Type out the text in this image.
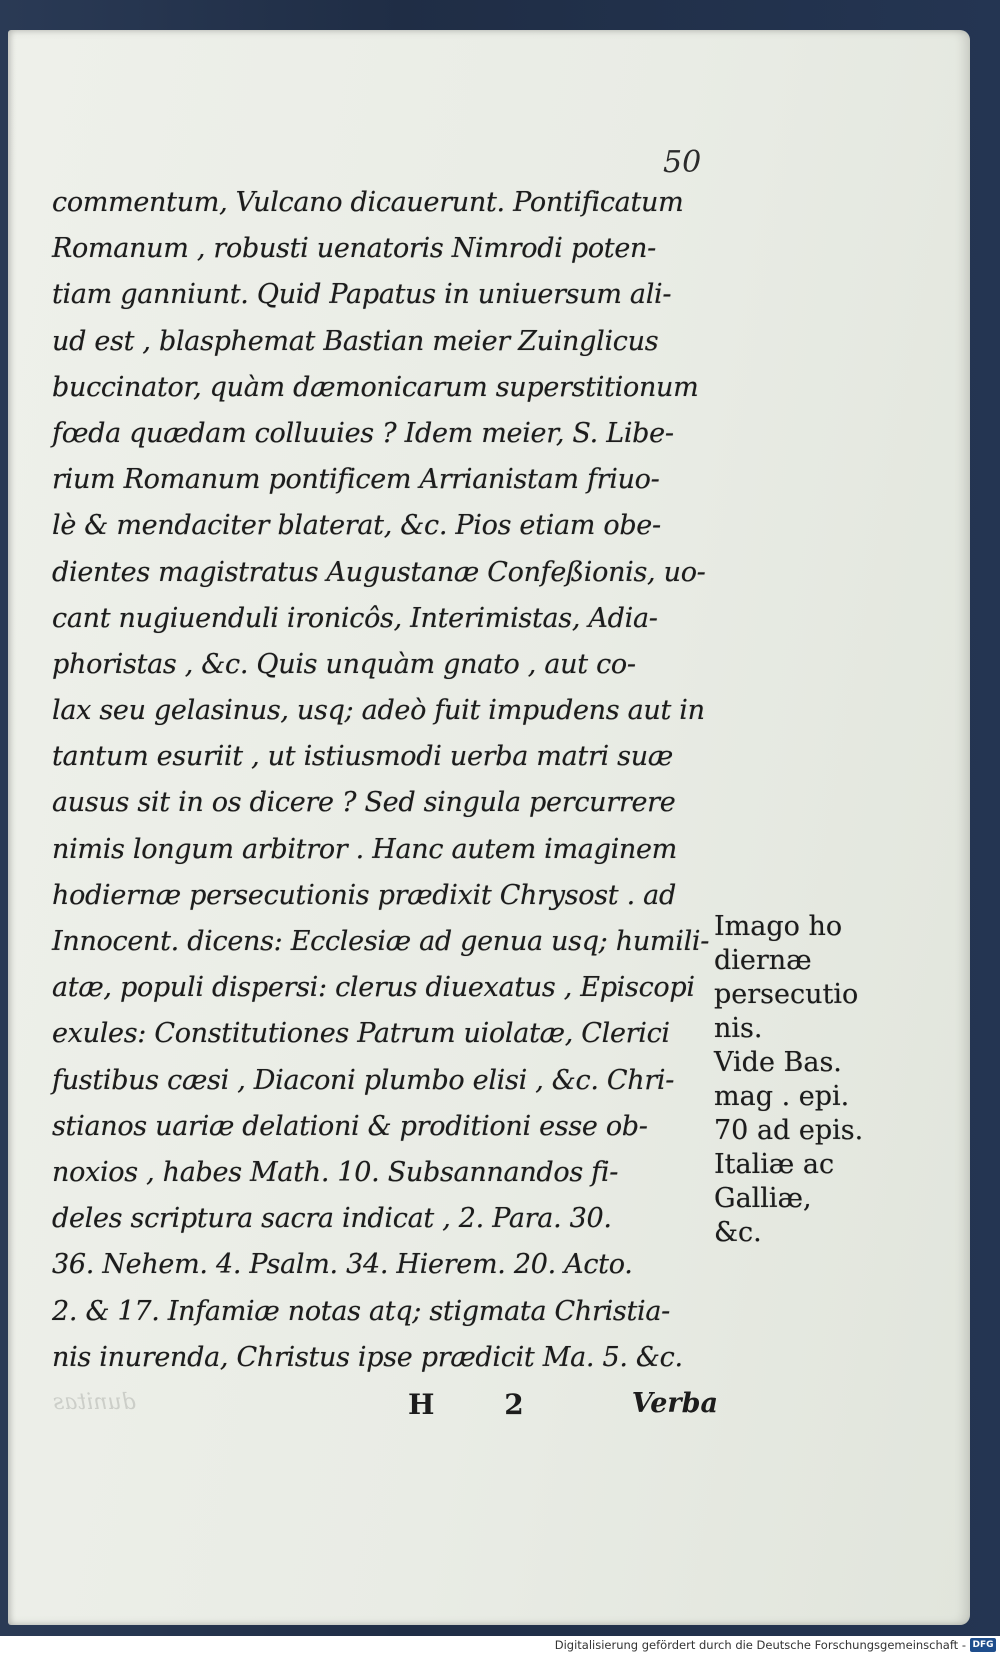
50
commentum, Vulcano dicauerunt. Pontificatum
Romanum , robusti uenatoris Nimrodi poten-
tiam ganniunt. Quid Papatus in uniuersum ali-
ud est , blasphemat Bastian meier Zuinglicus
buccinator, quàm dæmonicarum superstitionum
fœda quædam colluuies ? Idem meier, S. Libe-
rium Romanum pontificem Arrianistam friuo-
lè & mendaciter blaterat, &c. Pios etiam obe-
dientes magistratus Augustanæ Confeßionis, uo-
cant nugiuenduli ironicôs, Interimistas, Adia-
phoristas , &c. Quis unquàm gnato , aut co-
lax seu gelasinus, usq; adeò fuit impudens aut in
tantum esuriit , ut istiusmodi uerba matri suæ
ausus sit in os dicere ? Sed singula percurrere
nimis longum arbitror . Hanc autem imaginem
hodiernæ persecutionis prædixit Chrysost . ad
Innocent. dicens: Ecclesiæ ad genua usq; humili-
atæ, populi dispersi: clerus diuexatus , Episcopi
exules: Constitutiones Patrum uiolatæ, Clerici
fustibus cæsi , Diaconi plumbo elisi , &c. Chri-
stianos uariæ delationi & proditioni esse ob-
noxios , habes Math. 10. Subsannandos fi-
deles scriptura sacra indicat , 2. Para. 30.
36. Nehem. 4. Psalm. 34. Hierem. 20. Acto.
2. & 17. Infamiæ notas atq; stigmata Christia-
nis inurenda, Christus ipse prædicit Ma. 5. &c.
Imago ho
diernæ
persecutio
nis.
Vide Bas.
mag . epi.
70 ad epis.
Italiæ ac
Galliæ,
&c.
dunitas	H 2	Verba
Digitalisierung gefördert durch die Deutsche Forschungsgemeinschaft - DFG
